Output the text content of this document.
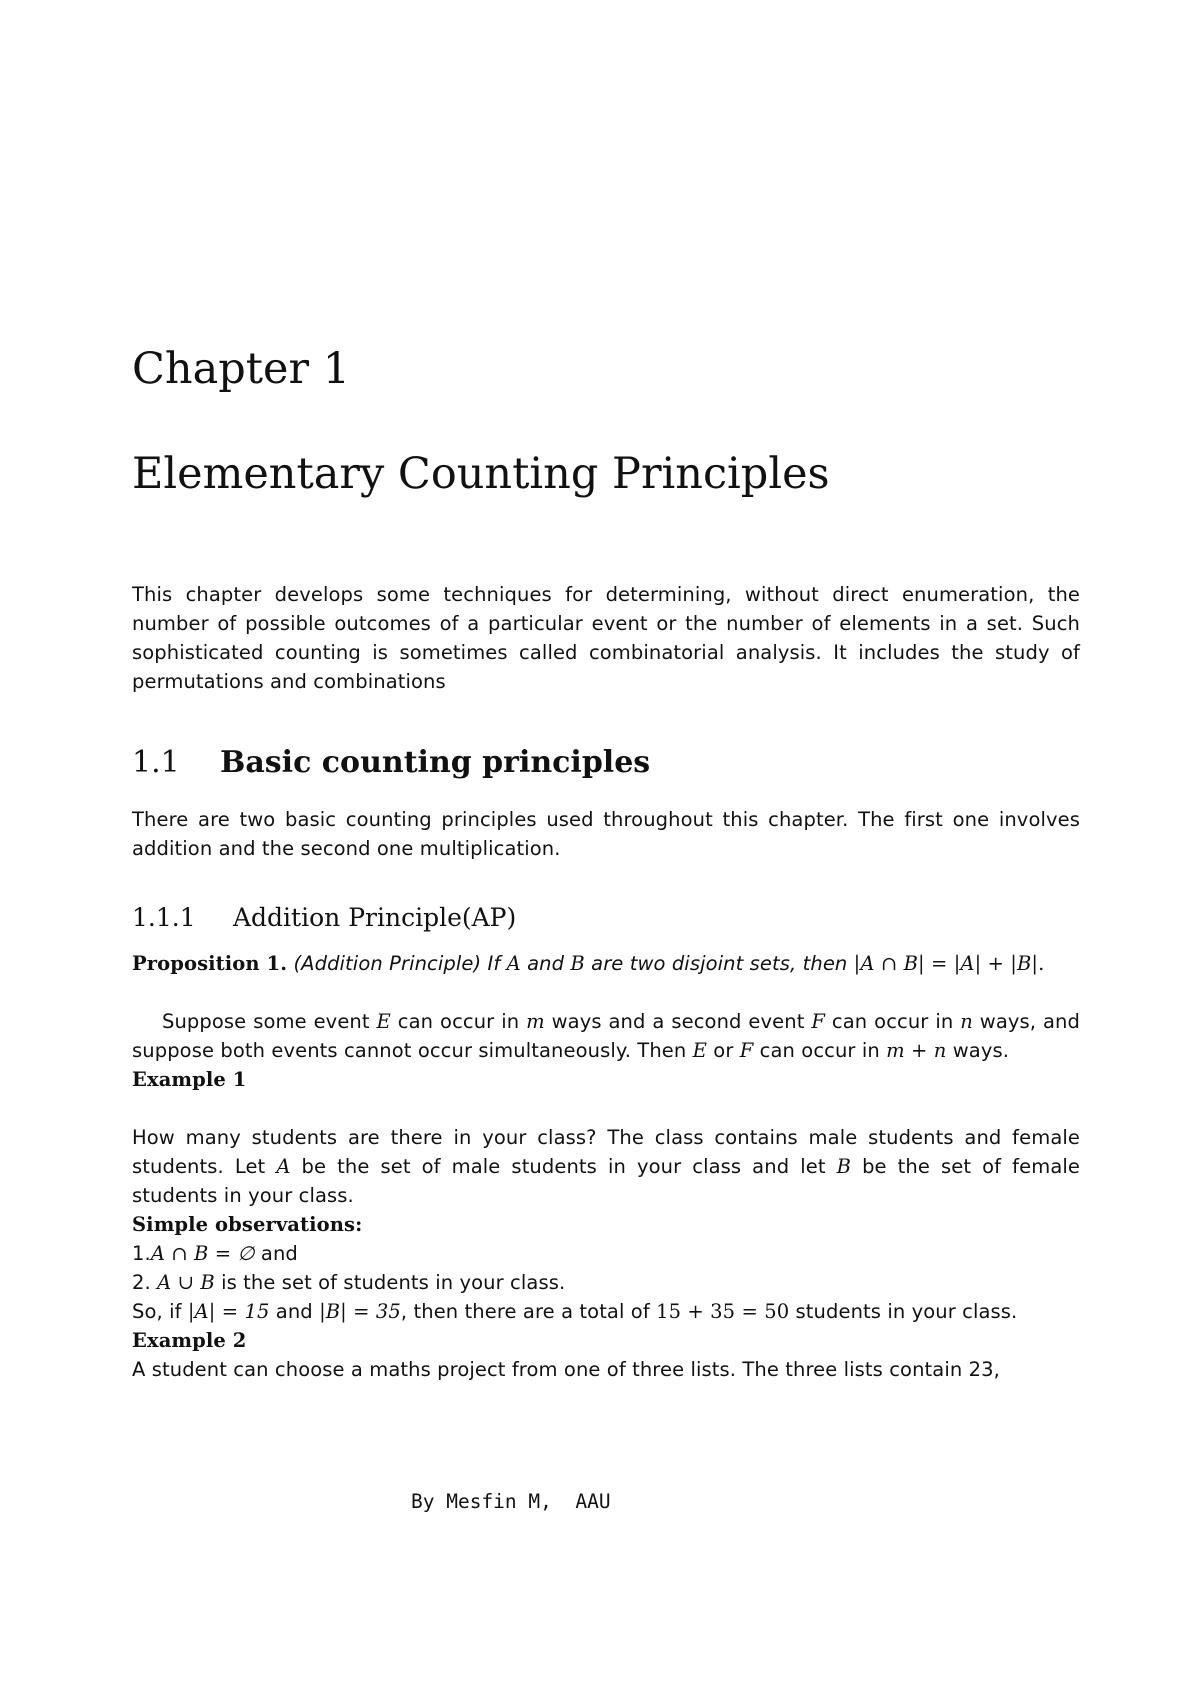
Chapter 1
Elementary Counting Principles
This chapter develops some techniques for determining, without direct enumeration, the number of possible outcomes of a particular event or the number of elements in a set. Such sophisticated counting is sometimes called combinatorial analysis. It includes the study of permutations and combinations
1.1 Basic counting principles
There are two basic counting principles used throughout this chapter. The first one involves addition and the second one multiplication.
1.1.1 Addition Principle(AP)
Proposition 1. (Addition Principle) If A and B are two disjoint sets, then |A ∩ B| = |A| + |B|.
Suppose some event E can occur in m ways and a second event F can occur in n ways, and suppose both events cannot occur simultaneously. Then E or F can occur in m + n ways.
Example 1
How many students are there in your class? The class contains male students and female students. Let A be the set of male students in your class and let B be the set of female students in your class.
Simple observations:
1.A ∩ B = ∅ and
2. A ∪ B is the set of students in your class.
So, if |A| = 15 and |B| = 35, then there are a total of 15 + 35 = 50 students in your class.
Example 2
A student can choose a maths project from one of three lists. The three lists contain 23,
By Mesfin M,  AAU
